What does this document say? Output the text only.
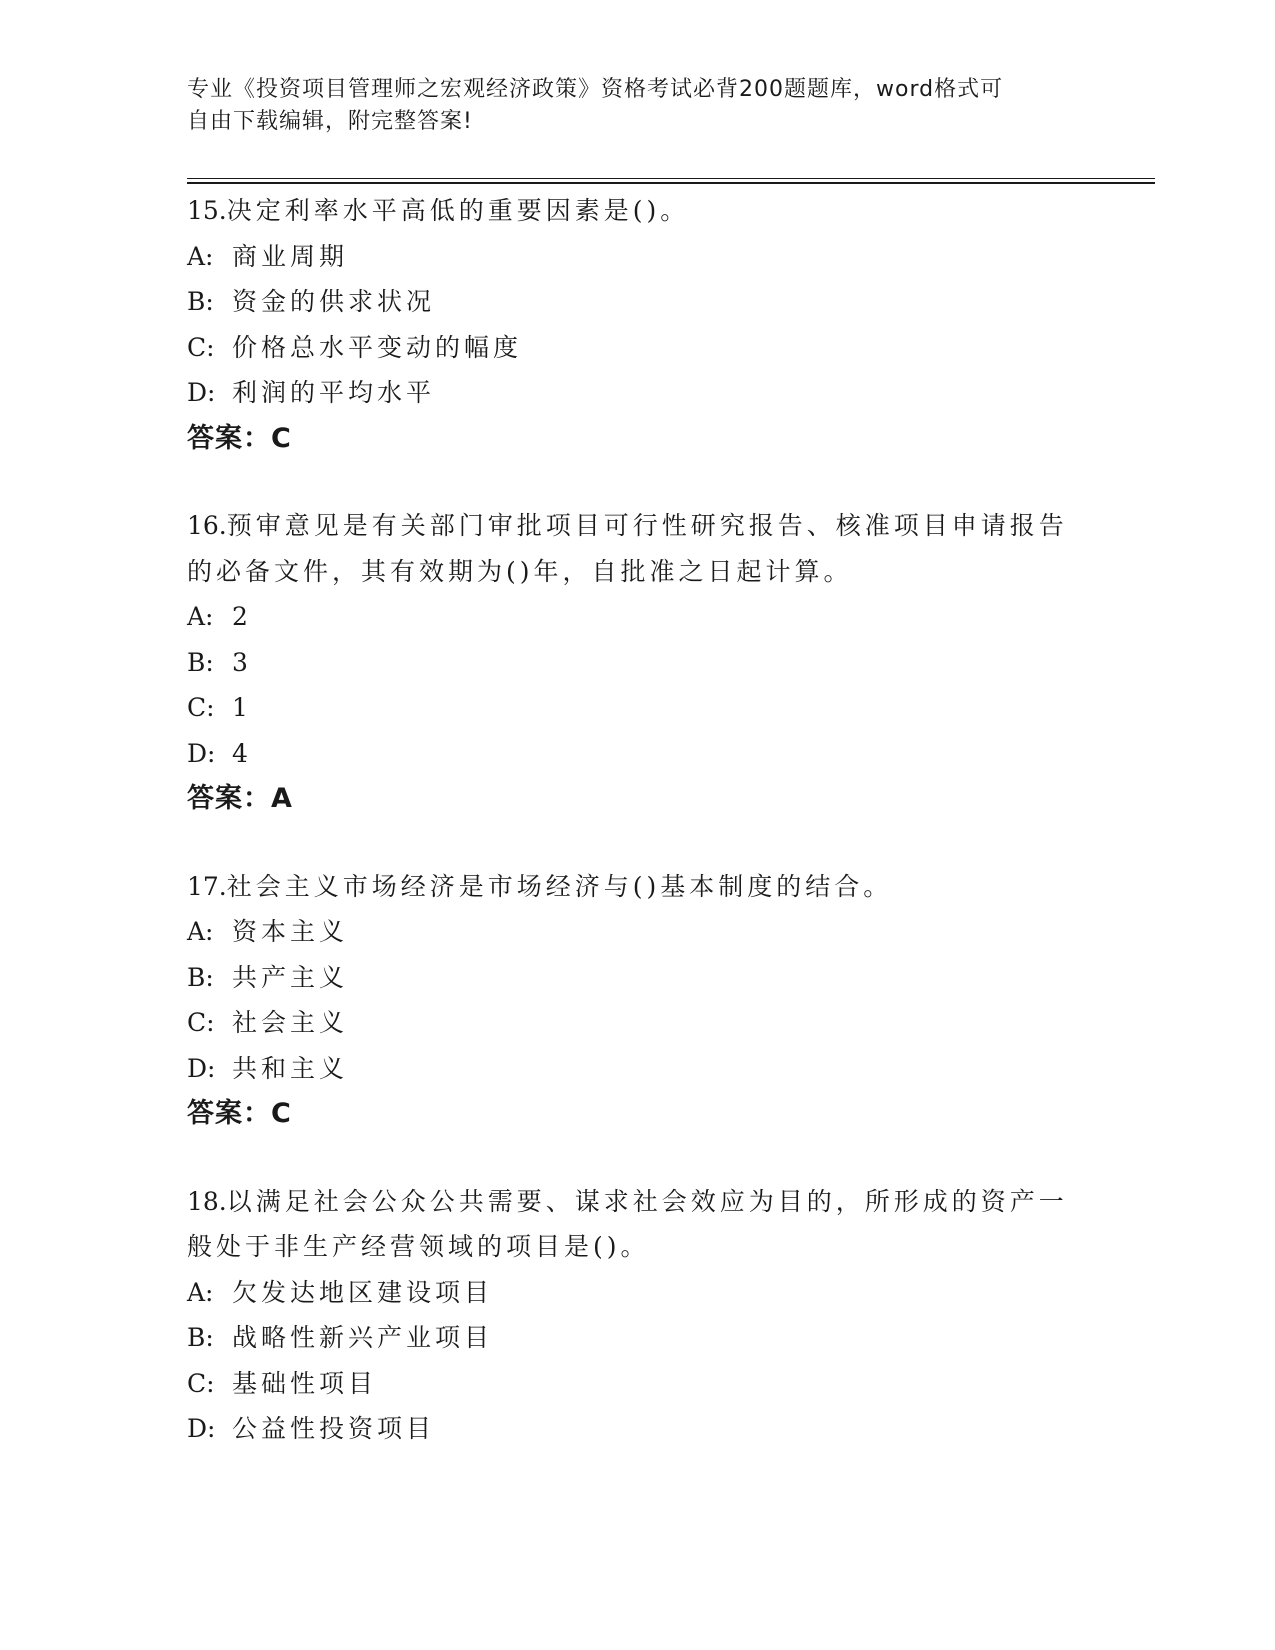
专业《投资项目管理师之宏观经济政策》资格考试必背200题题库，word格式可
自由下载编辑，附完整答案!
15.决定利率水平高低的重要因素是()。
A: 商业周期
B: 资金的供求状况
C: 价格总水平变动的幅度
D: 利润的平均水平
答案：C
16.预审意见是有关部门审批项目可行性研究报告、核准项目申请报告
的必备文件，其有效期为()年，自批准之日起计算。
A: 2
B: 3
C: 1
D: 4
答案：A
17.社会主义市场经济是市场经济与()基本制度的结合。
A: 资本主义
B: 共产主义
C: 社会主义
D: 共和主义
答案：C
18.以满足社会公众公共需要、谋求社会效应为目的，所形成的资产一
般处于非生产经营领域的项目是()。
A: 欠发达地区建设项目
B: 战略性新兴产业项目
C: 基础性项目
D: 公益性投资项目
